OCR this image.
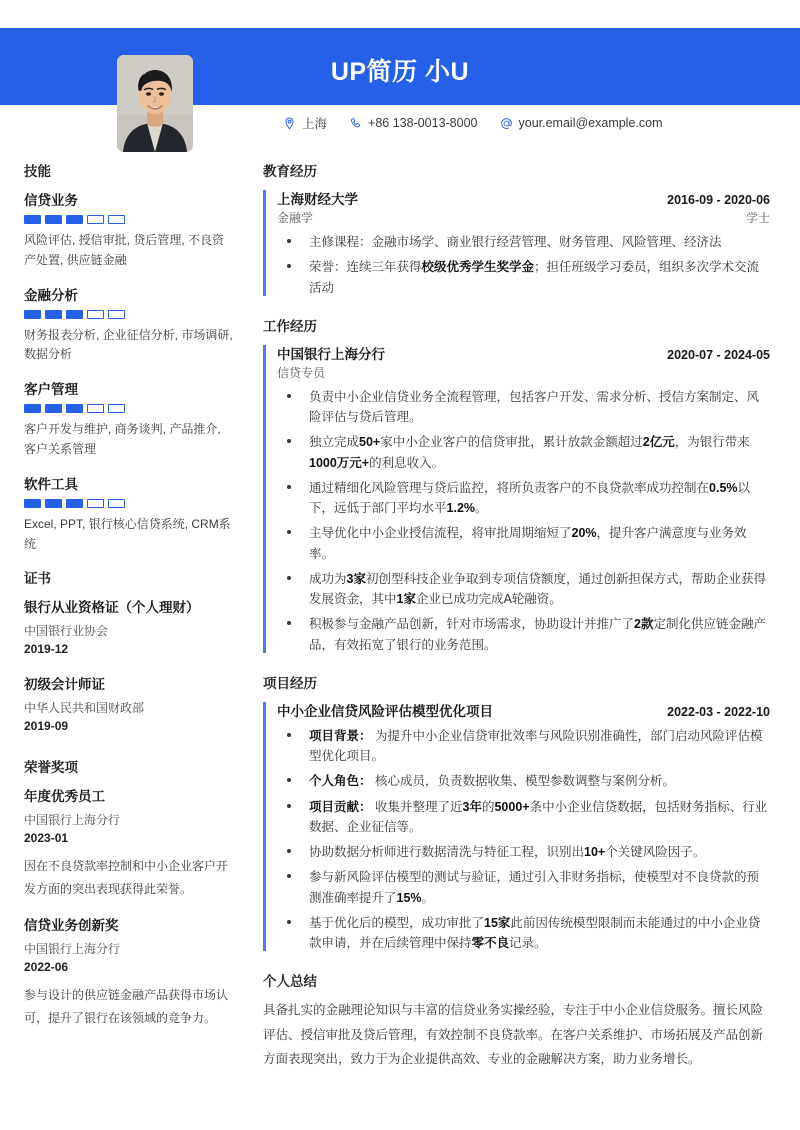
UP简历 小U
上海	+86 138-0013-8000	your.email@example.com
技能
信贷业务
风险评估, 授信审批, 贷后管理, 不良资产处置, 供应链金融
金融分析
财务报表分析, 企业征信分析, 市场调研, 数据分析
客户管理
客户开发与维护, 商务谈判, 产品推介, 客户关系管理
软件工具
Excel, PPT, 银行核心信贷系统, CRM系统
证书
银行从业资格证（个人理财）
中国银行业协会
2019-12
初级会计师证
中华人民共和国财政部
2019-09
荣誉奖项
年度优秀员工
中国银行上海分行
2023-01
因在不良贷款率控制和中小企业客户开发方面的突出表现获得此荣誉。
信贷业务创新奖
中国银行上海分行
2022-06
参与设计的供应链金融产品获得市场认可，提升了银行在该领域的竞争力。
教育经历
上海财经大学	2016-09 - 2020-06
金融学	学士
主修课程：金融市场学、商业银行经营管理、财务管理、风险管理、经济法
荣誉：连续三年获得校级优秀学生奖学金；担任班级学习委员，组织多次学术交流活动
工作经历
中国银行上海分行	2020-07 - 2024-05
信贷专员
负责中小企业信贷业务全流程管理，包括客户开发、需求分析、授信方案制定、风险评估与贷后管理。
独立完成50+家中小企业客户的信贷审批，累计放款金额超过2亿元，为银行带来1000万元+的利息收入。
通过精细化风险管理与贷后监控，将所负责客户的不良贷款率成功控制在0.5%以下，远低于部门平均水平1.2%。
主导优化中小企业授信流程，将审批周期缩短了20%，提升客户满意度与业务效率。
成功为3家初创型科技企业争取到专项信贷额度，通过创新担保方式，帮助企业获得发展资金，其中1家企业已成功完成A轮融资。
积极参与金融产品创新，针对市场需求，协助设计并推广了2款定制化供应链金融产品，有效拓宽了银行的业务范围。
项目经历
中小企业信贷风险评估模型优化项目	2022-03 - 2022-10
项目背景： 为提升中小企业信贷审批效率与风险识别准确性，部门启动风险评估模型优化项目。
个人角色： 核心成员，负责数据收集、模型参数调整与案例分析。
项目贡献： 收集并整理了近3年的5000+条中小企业信贷数据，包括财务指标、行业数据、企业征信等。
协助数据分析师进行数据清洗与特征工程，识别出10+个关键风险因子。
参与新风险评估模型的测试与验证，通过引入非财务指标，使模型对不良贷款的预测准确率提升了15%。
基于优化后的模型，成功审批了15家此前因传统模型限制而未能通过的中小企业贷款申请，并在后续管理中保持零不良记录。
个人总结
具备扎实的金融理论知识与丰富的信贷业务实操经验，专注于中小企业信贷服务。擅长风险评估、授信审批及贷后管理，有效控制不良贷款率。在客户关系维护、市场拓展及产品创新方面表现突出，致力于为企业提供高效、专业的金融解决方案，助力业务增长。
